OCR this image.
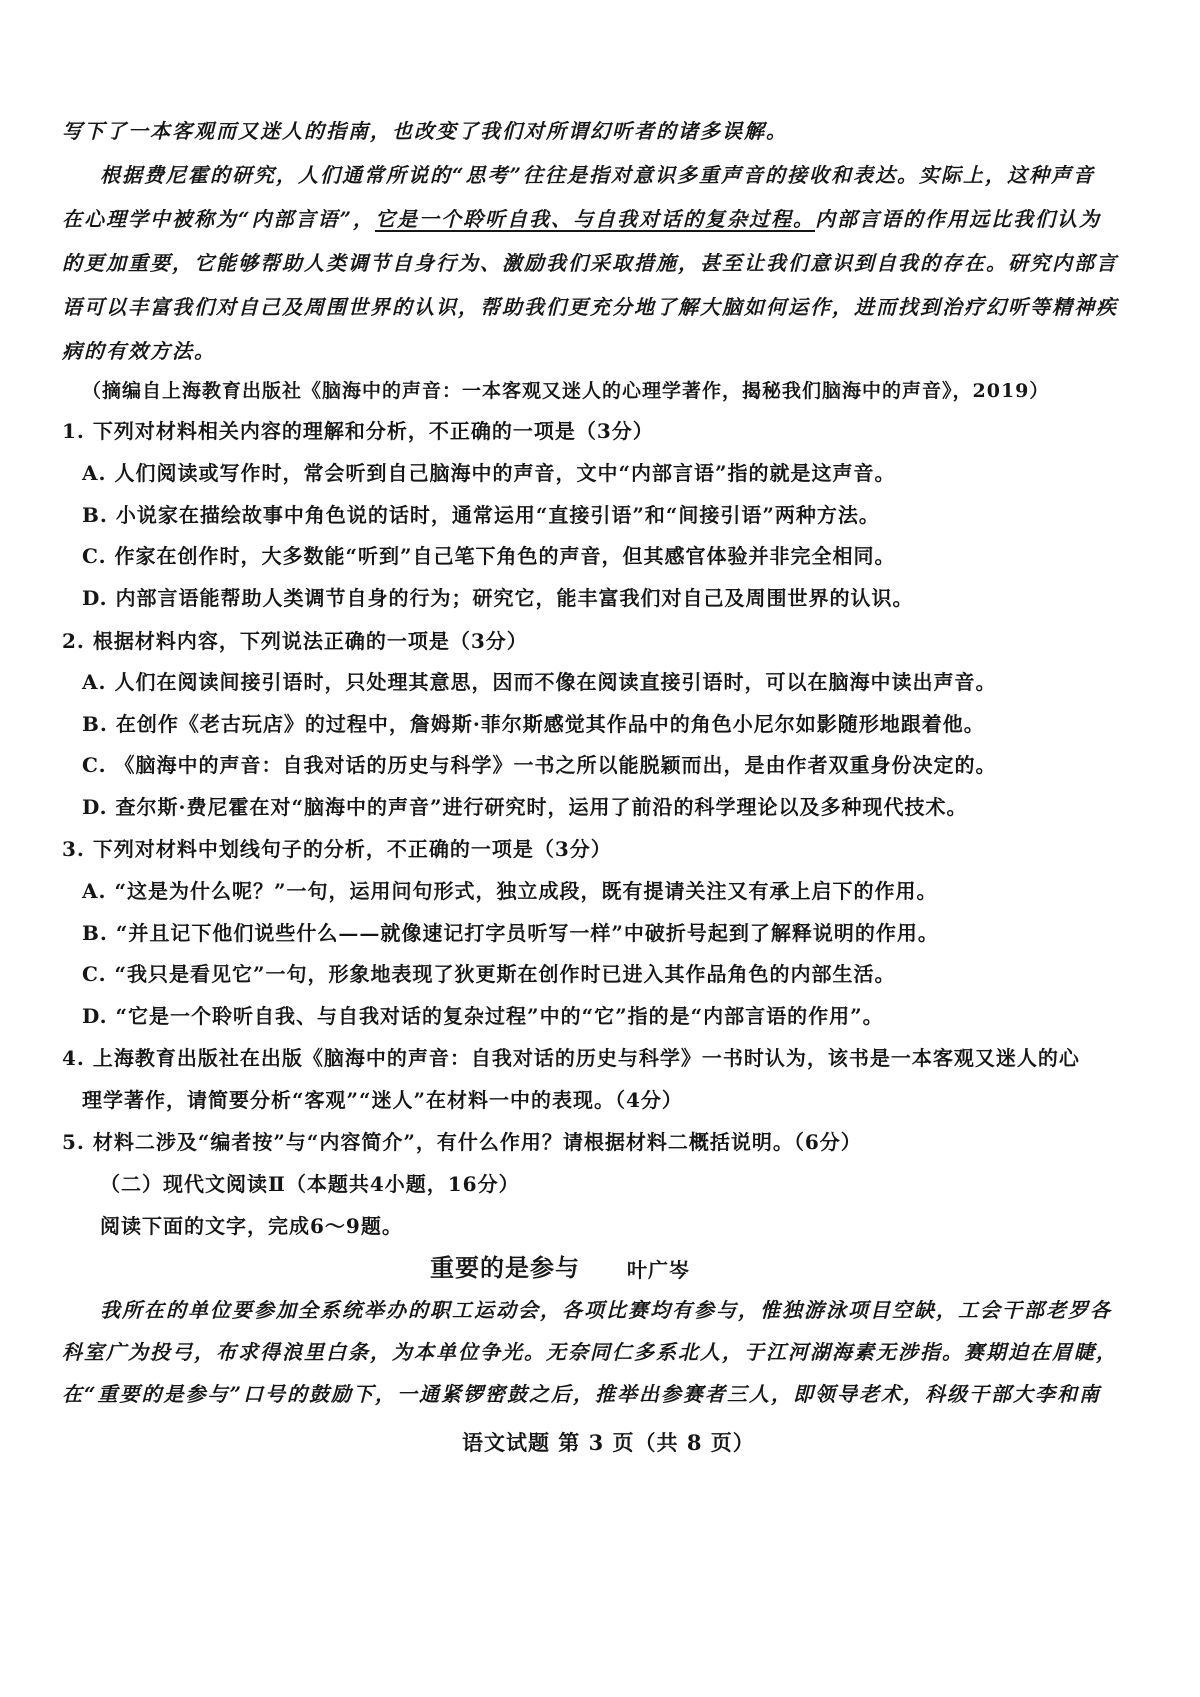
写下了一本客观而又迷人的指南，也改变了我们对所谓幻听者的诸多误解。
根据费尼霍的研究，人们通常所说的“思考”往往是指对意识多重声音的接收和表达。实际上，这种声音
在心理学中被称为“内部言语”，它是一个聆听自我、与自我对话的复杂过程。内部言语的作用远比我们认为
的更加重要，它能够帮助人类调节自身行为、激励我们采取措施，甚至让我们意识到自我的存在。研究内部言
语可以丰富我们对自己及周围世界的认识，帮助我们更充分地了解大脑如何运作，进而找到治疗幻听等精神疾
病的有效方法。
（摘编自上海教育出版社《脑海中的声音：一本客观又迷人的心理学著作，揭秘我们脑海中的声音》，2019）
1. 下列对材料相关内容的理解和分析，不正确的一项是（3分）
A. 人们阅读或写作时，常会听到自己脑海中的声音，文中“内部言语”指的就是这声音。
B. 小说家在描绘故事中角色说的话时，通常运用“直接引语”和“间接引语”两种方法。
C. 作家在创作时，大多数能“听到”自己笔下角色的声音，但其感官体验并非完全相同。
D. 内部言语能帮助人类调节自身的行为；研究它，能丰富我们对自己及周围世界的认识。
2. 根据材料内容，下列说法正确的一项是（3分）
A. 人们在阅读间接引语时，只处理其意思，因而不像在阅读直接引语时，可以在脑海中读出声音。
B. 在创作《老古玩店》的过程中，詹姆斯·菲尔斯感觉其作品中的角色小尼尔如影随形地跟着他。
C. 《脑海中的声音：自我对话的历史与科学》一书之所以能脱颖而出，是由作者双重身份决定的。
D. 查尔斯·费尼霍在对“脑海中的声音”进行研究时，运用了前沿的科学理论以及多种现代技术。
3. 下列对材料中划线句子的分析，不正确的一项是（3分）
A. “这是为什么呢？”一句，运用问句形式，独立成段，既有提请关注又有承上启下的作用。
B. “并且记下他们说些什么——就像速记打字员听写一样”中破折号起到了解释说明的作用。
C. “我只是看见它”一句，形象地表现了狄更斯在创作时已进入其作品角色的内部生活。
D. “它是一个聆听自我、与自我对话的复杂过程”中的“它”指的是“内部言语的作用”。
4. 上海教育出版社在出版《脑海中的声音：自我对话的历史与科学》一书时认为，该书是一本客观又迷人的心
理学著作，请简要分析“客观”“迷人”在材料一中的表现。（4分）
5. 材料二涉及“编者按”与“内容简介”，有什么作用？请根据材料二概括说明。（6分）
（二）现代文阅读Ⅱ（本题共4小题，16分）
阅读下面的文字，完成6～9题。
重要的是参与 叶广岑
我所在的单位要参加全系统举办的职工运动会，各项比赛均有参与，惟独游泳项目空缺，工会干部老罗各
科室广为投弓，布求得浪里白条，为本单位争光。无奈同仁多系北人，于江河湖海素无涉指。赛期迫在眉睫，
在“重要的是参与”口号的鼓励下，一通紧锣密鼓之后，推举出参赛者三人，即领导老术，科级干部大李和南
语文试题 第 3 页（共 8 页）
